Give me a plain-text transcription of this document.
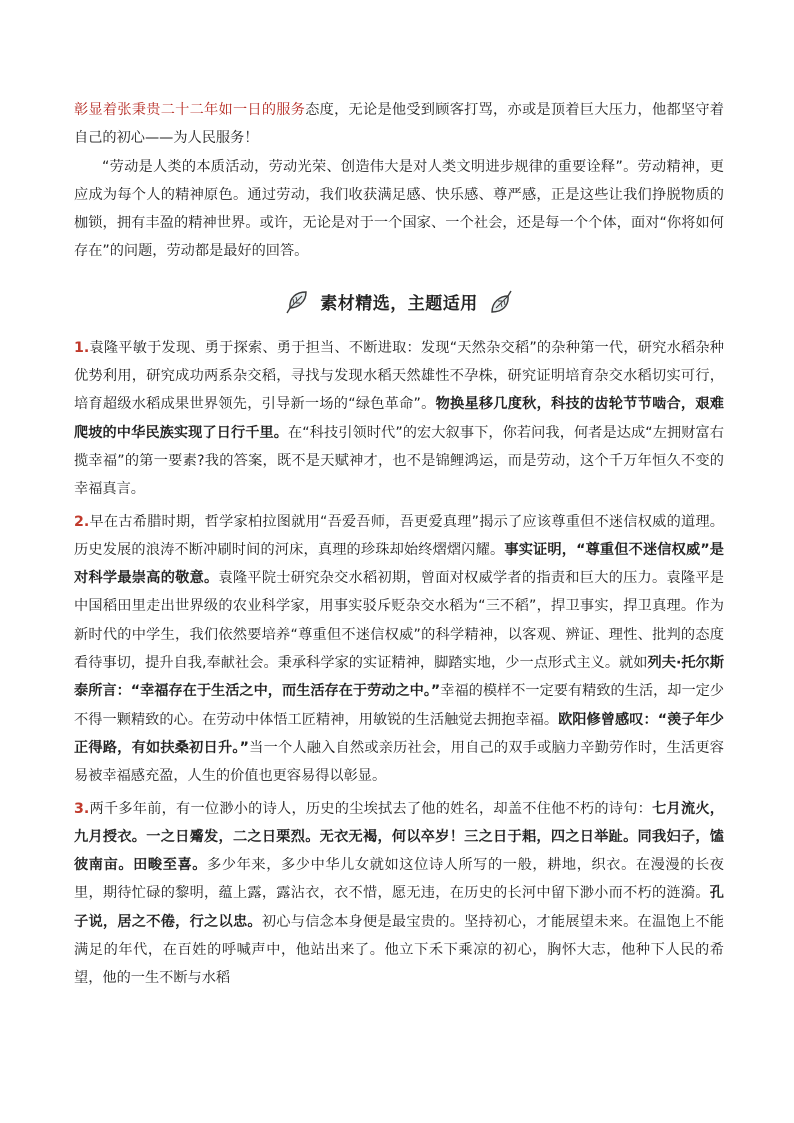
彰显着张秉贵二十二年如一日的服务态度，无论是他受到顾客打骂，亦或是顶着巨大压力，他都坚守着自己的初心——为人民服务！

“劳动是人类的本质活动，劳动光荣、创造伟大是对人类文明进步规律的重要诠释”。劳动精神，更应成为每个人的精神原色。通过劳动，我们收获满足感、快乐感、尊严感，正是这些让我们挣脱物质的枷锁，拥有丰盈的精神世界。或许，无论是对于一个国家、一个社会，还是每一个个体，面对“你将如何存在”的问题，劳动都是最好的回答。

素材精选，主题适用

1.袁隆平敏于发现、勇于探索、勇于担当、不断进取：发现“天然杂交稻”的杂种第一代，研究水稻杂种优势利用，研究成功两系杂交稻，寻找与发现水稻天然雄性不孕株，研究证明培育杂交水稻切实可行，培育超级水稻成果世界领先，引导新一场的“绿色革命”。物换星移几度秋，科技的齿轮节节啮合，艰难爬坡的中华民族实现了日行千里。在“科技引领时代”的宏大叙事下，你若问我，何者是达成“左拥财富右揽幸福”的第一要素?我的答案，既不是天赋神才，也不是锦鲤鸿运，而是劳动，这个千万年恒久不变的幸福真言。

2.早在古希腊时期，哲学家柏拉图就用“吾爱吾师，吾更爱真理”揭示了应该尊重但不迷信权威的道理。历史发展的浪涛不断冲刷时间的河床，真理的珍珠却始终熠熠闪耀。事实证明，“尊重但不迷信权威”是对科学最崇高的敬意。袁隆平院士研究杂交水稻初期，曾面对权威学者的指责和巨大的压力。袁隆平是中国稻田里走出世界级的农业科学家，用事实驳斥贬杂交水稻为“三不稻”，捍卫事实，捍卫真理。作为新时代的中学生，我们依然要培养“尊重但不迷信权威”的科学精神，以客观、辨证、理性、批判的态度看待事切，提升自我,奉献社会。秉承科学家的实证精神，脚踏实地，少一点形式主义。就如列夫·托尔斯泰所言：“幸福存在于生活之中，而生活存在于劳动之中。”幸福的模样不一定要有精致的生活，却一定少不得一颗精致的心。在劳动中体悟工匠精神，用敏锐的生活触觉去拥抱幸福。欧阳修曾感叹：“羡子年少正得路，有如扶桑初日升。”当一个人融入自然或亲历社会，用自己的双手或脑力辛勤劳作时，生活更容易被幸福感充盈，人生的价值也更容易得以彰显。

3.两千多年前，有一位渺小的诗人，历史的尘埃拭去了他的姓名，却盖不住他不朽的诗句：七月流火，九月授衣。一之日觱发，二之日栗烈。无衣无褐，何以卒岁！三之日于耜，四之日举趾。同我妇子，馌彼南亩。田畯至喜。多少年来，多少中华儿女就如这位诗人所写的一般，耕地，织衣。在漫漫的长夜里，期待忙碌的黎明，蕴上露，露沾衣，衣不惜，愿无违，在历史的长河中留下渺小而不朽的涟漪。孔子说，居之不倦，行之以忠。初心与信念本身便是最宝贵的。坚持初心，才能展望未来。在温饱上不能满足的年代，在百姓的呼喊声中，他站出来了。他立下禾下乘凉的初心，胸怀大志，他种下人民的希望，他的一生不断与水稻
